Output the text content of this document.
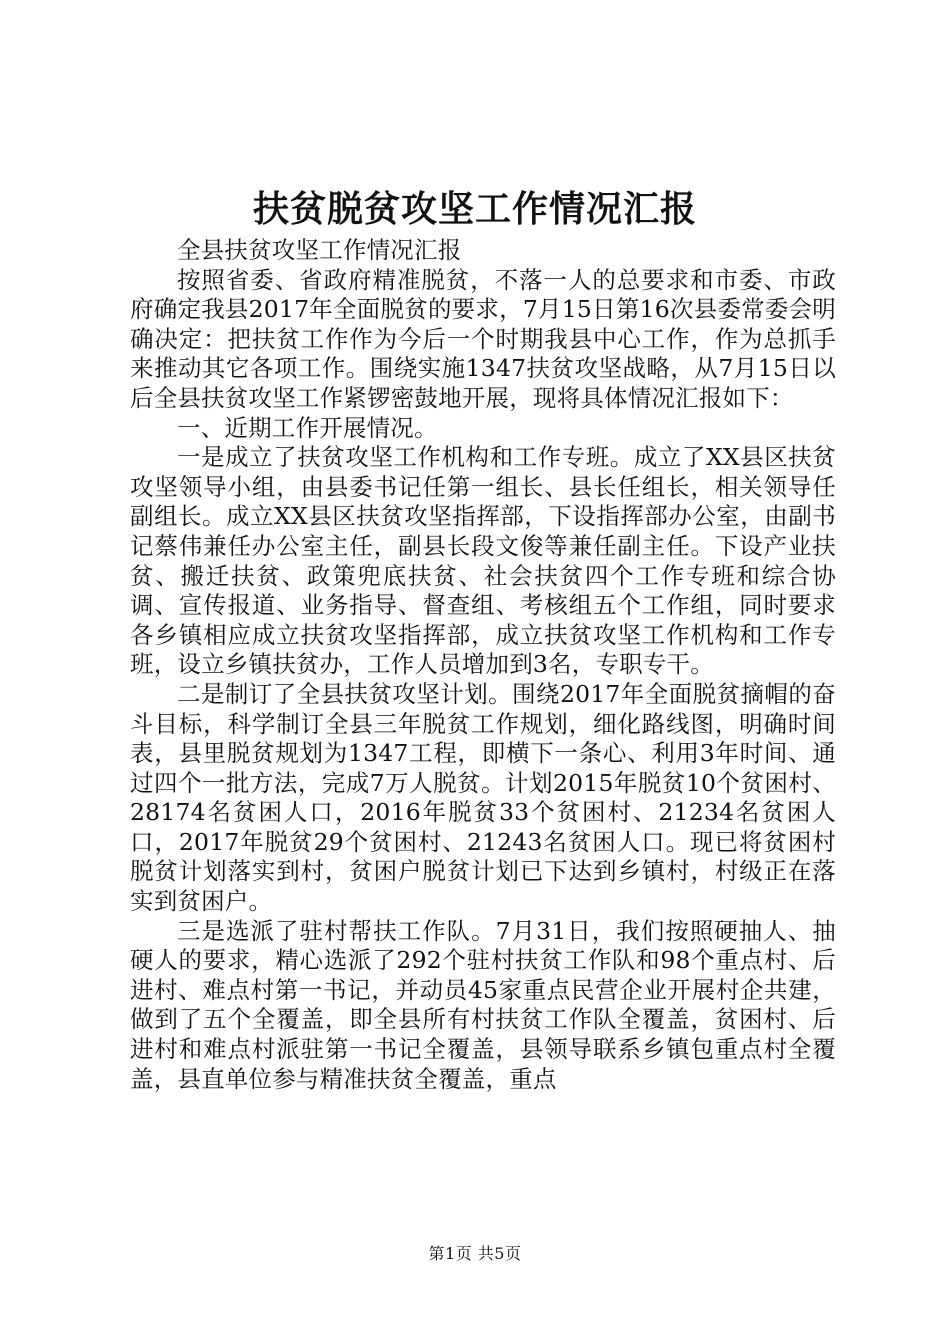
扶贫脱贫攻坚工作情况汇报

全县扶贫攻坚工作情况汇报

按照省委、省政府精准脱贫，不落一人的总要求和市委、市政府确定我县2017年全面脱贫的要求，7月15日第16次县委常委会明确决定：把扶贫工作作为今后一个时期我县中心工作，作为总抓手来推动其它各项工作。围绕实施1347扶贫攻坚战略，从7月15日以后全县扶贫攻坚工作紧锣密鼓地开展，现将具体情况汇报如下：

一、近期工作开展情况。

一是成立了扶贫攻坚工作机构和工作专班。成立了XX县区扶贫攻坚领导小组，由县委书记任第一组长、县长任组长，相关领导任副组长。成立XX县区扶贫攻坚指挥部，下设指挥部办公室，由副书记蔡伟兼任办公室主任，副县长段文俊等兼任副主任。下设产业扶贫、搬迁扶贫、政策兜底扶贫、社会扶贫四个工作专班和综合协调、宣传报道、业务指导、督查组、考核组五个工作组，同时要求各乡镇相应成立扶贫攻坚指挥部，成立扶贫攻坚工作机构和工作专班，设立乡镇扶贫办，工作人员增加到3名，专职专干。

二是制订了全县扶贫攻坚计划。围绕2017年全面脱贫摘帽的奋斗目标，科学制订全县三年脱贫工作规划，细化路线图，明确时间表，县里脱贫规划为1347工程，即横下一条心、利用3年时间、通过四个一批方法，完成7万人脱贫。计划2015年脱贫10个贫困村、28174名贫困人口，2016年脱贫33个贫困村、21234名贫困人口，2017年脱贫29个贫困村、21243名贫困人口。现已将贫困村脱贫计划落实到村，贫困户脱贫计划已下达到乡镇村，村级正在落实到贫困户。

三是选派了驻村帮扶工作队。7月31日，我们按照硬抽人、抽硬人的要求，精心选派了292个驻村扶贫工作队和98个重点村、后进村、难点村第一书记，并动员45家重点民营企业开展村企共建，做到了五个全覆盖，即全县所有村扶贫工作队全覆盖，贫困村、后进村和难点村派驻第一书记全覆盖，县领导联系乡镇包重点村全覆盖，县直单位参与精准扶贫全覆盖，重点

第1页 共5页
